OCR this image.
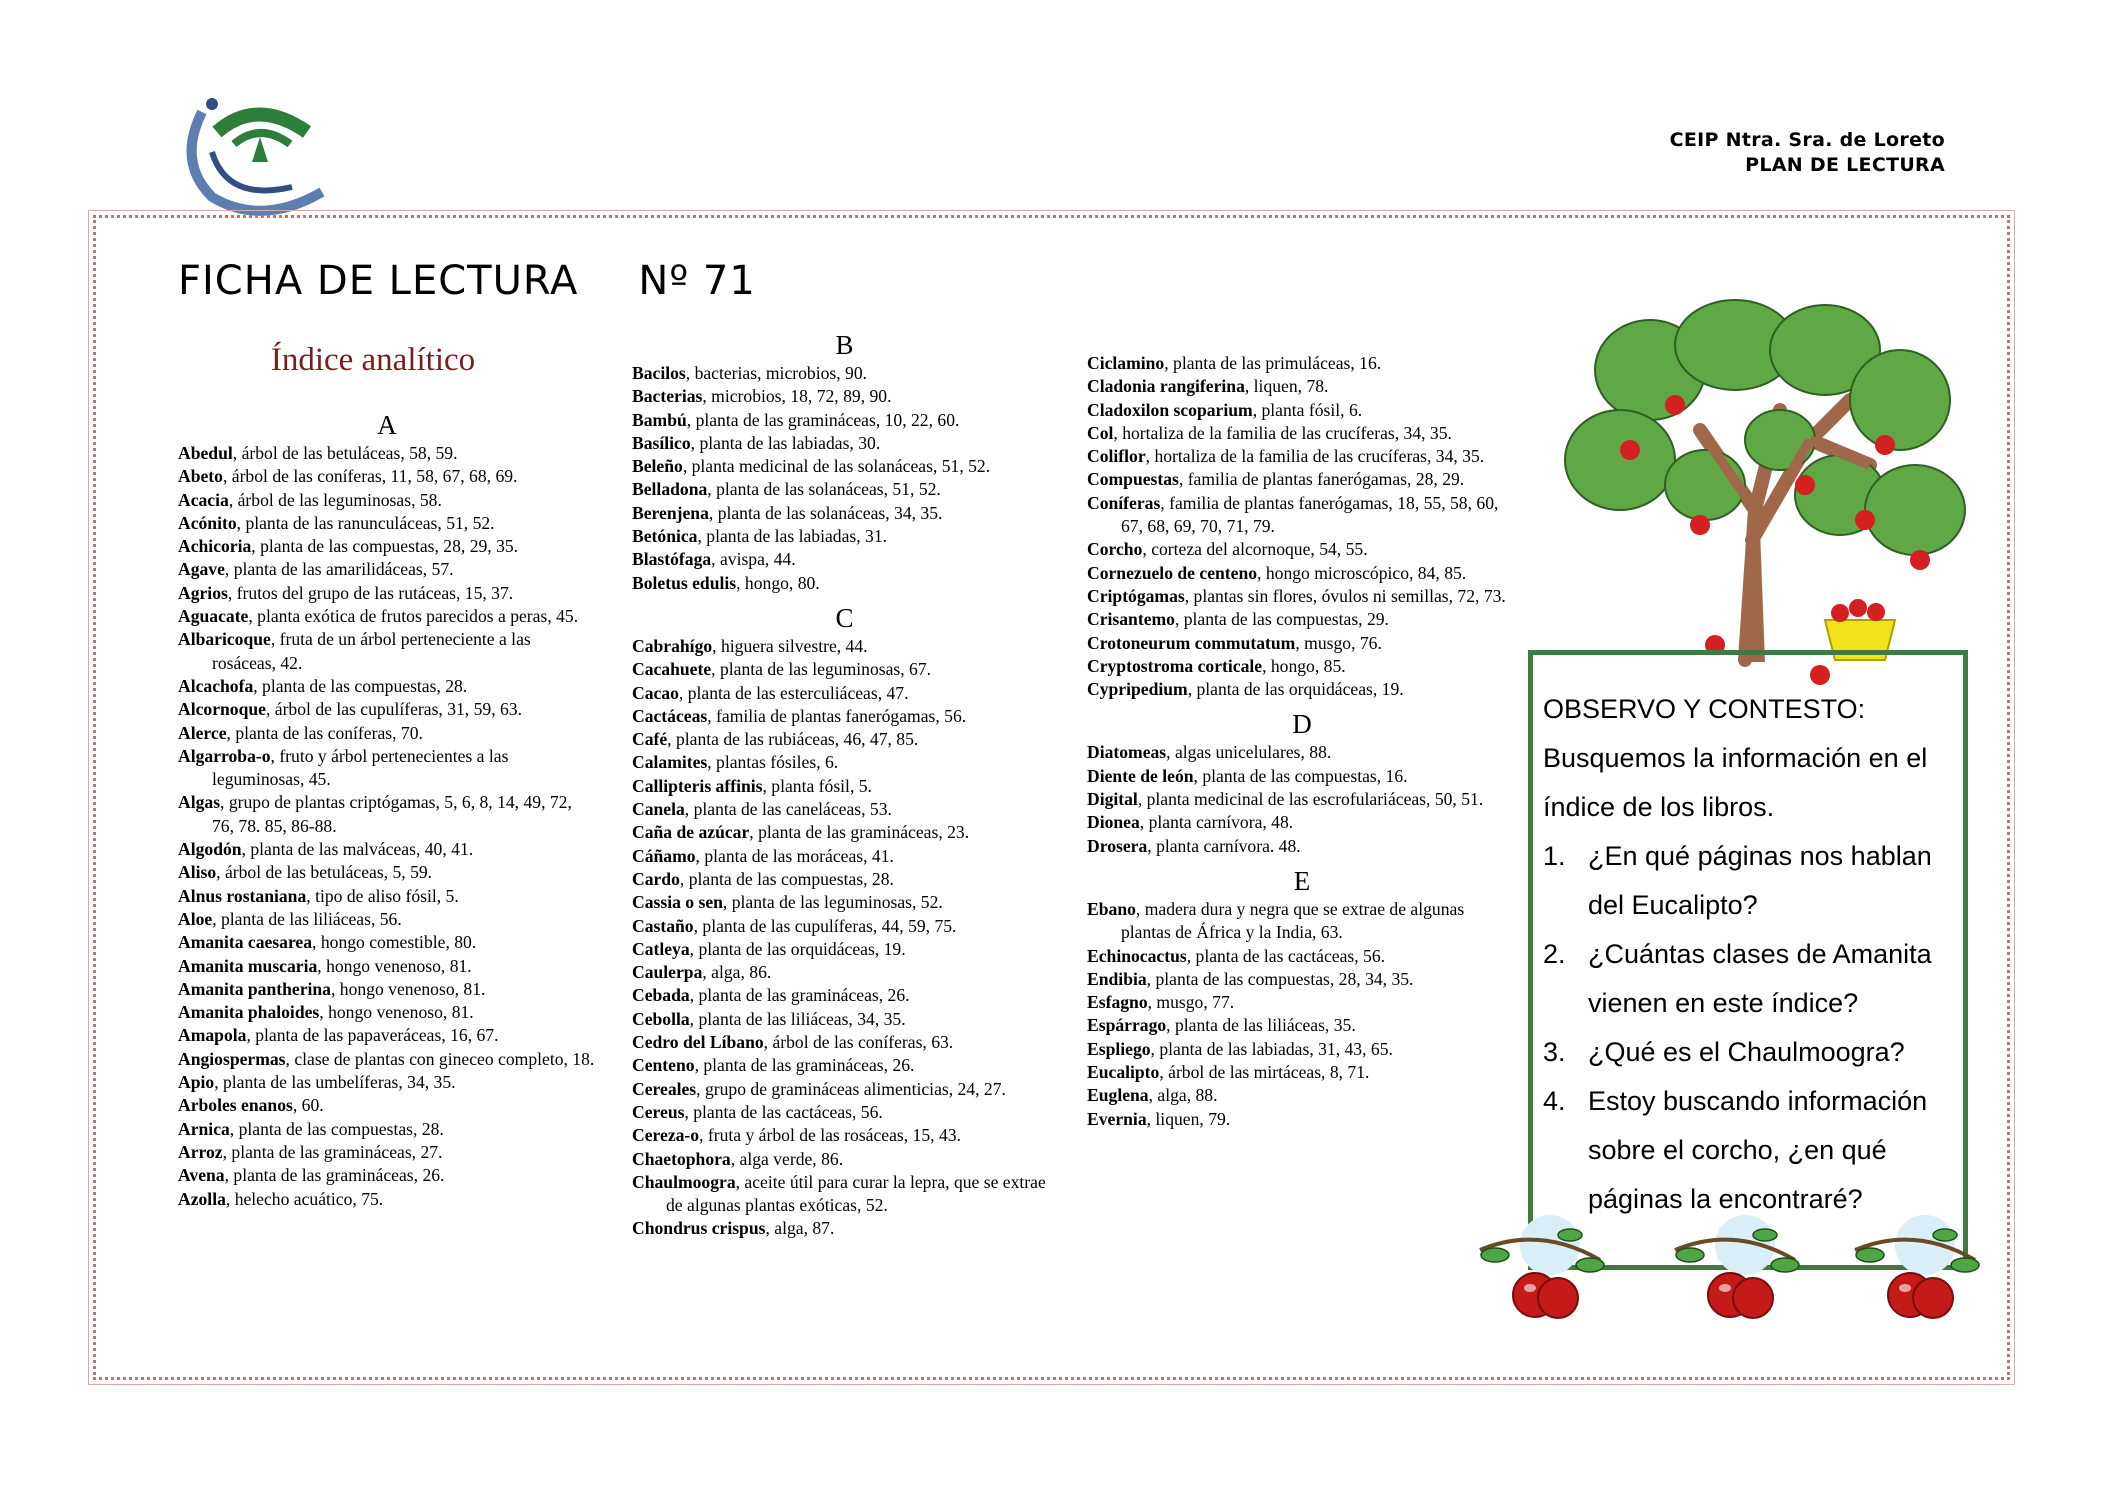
CEIP Ntra. Sra. de Loreto
PLAN DE LECTURA
FICHA DE LECTURA Nº 71
Índice analítico
A

Abedul, árbol de las betuláceas, 58, 59.

Abeto, árbol de las coníferas, 11, 58, 67, 68, 69.

Acacia, árbol de las leguminosas, 58.

Acónito, planta de las ranunculáceas, 51, 52.

Achicoria, planta de las compuestas, 28, 29, 35.

Agave, planta de las amarilidáceas, 57.

Agrios, frutos del grupo de las rutáceas, 15, 37.

Aguacate, planta exótica de frutos parecidos a peras, 45.

Albaricoque, fruta de un árbol perteneciente a las rosáceas, 42.

Alcachofa, planta de las compuestas, 28.

Alcornoque, árbol de las cupulíferas, 31, 59, 63.

Alerce, planta de las coníferas, 70.

Algarroba-o, fruto y árbol pertenecientes a las leguminosas, 45.

Algas, grupo de plantas criptógamas, 5, 6, 8, 14, 49, 72, 76, 78. 85, 86-88.

Algodón, planta de las malváceas, 40, 41.

Aliso, árbol de las betuláceas, 5, 59.

Alnus rostaniana, tipo de aliso fósil, 5.

Aloe, planta de las liliáceas, 56.

Amanita caesarea, hongo comestible, 80.

Amanita muscaria, hongo venenoso, 81.

Amanita pantherina, hongo venenoso, 81.

Amanita phaloides, hongo venenoso, 81.

Amapola, planta de las papaveráceas, 16, 67.

Angiospermas, clase de plantas con gineceo completo, 18.

Apio, planta de las umbelíferas, 34, 35.

Arboles enanos, 60.

Arnica, planta de las compuestas, 28.

Arroz, planta de las gramináceas, 27.

Avena, planta de las gramináceas, 26.

Azolla, helecho acuático, 75.

B

Bacilos, bacterias, microbios, 90.

Bacterias, microbios, 18, 72, 89, 90.

Bambú, planta de las gramináceas, 10, 22, 60.

Basílico, planta de las labiadas, 30.

Beleño, planta medicinal de las solanáceas, 51, 52.

Belladona, planta de las solanáceas, 51, 52.

Berenjena, planta de las solanáceas, 34, 35.

Betónica, planta de las labiadas, 31.

Blastófaga, avispa, 44.

Boletus edulis, hongo, 80.

C

Cabrahígo, higuera silvestre, 44.

Cacahuete, planta de las leguminosas, 67.

Cacao, planta de las esterculiáceas, 47.

Cactáceas, familia de plantas fanerógamas, 56.

Café, planta de las rubiáceas, 46, 47, 85.

Calamites, plantas fósiles, 6.

Callipteris affinis, planta fósil, 5.

Canela, planta de las caneláceas, 53.

Caña de azúcar, planta de las gramináceas, 23.

Cáñamo, planta de las moráceas, 41.

Cardo, planta de las compuestas, 28.

Cassia o sen, planta de las leguminosas, 52.

Castaño, planta de las cupulíferas, 44, 59, 75.

Catleya, planta de las orquidáceas, 19.

Caulerpa, alga, 86.

Cebada, planta de las gramináceas, 26.

Cebolla, planta de las liliáceas, 34, 35.

Cedro del Líbano, árbol de las coníferas, 63.

Centeno, planta de las gramináceas, 26.

Cereales, grupo de gramináceas alimenticias, 24, 27.

Cereus, planta de las cactáceas, 56.

Cereza-o, fruta y árbol de las rosáceas, 15, 43.

Chaetophora, alga verde, 86.

Chaulmoogra, aceite útil para curar la lepra, que se extrae de algunas plantas exóticas, 52.

Chondrus crispus, alga, 87.

Ciclamino, planta de las primuláceas, 16.

Cladonia rangiferina, liquen, 78.

Cladoxilon scoparium, planta fósil, 6.

Col, hortaliza de la familia de las crucíferas, 34, 35.

Coliflor, hortaliza de la familia de las crucíferas, 34, 35.

Compuestas, familia de plantas fanerógamas, 28, 29.

Coníferas, familia de plantas fanerógamas, 18, 55, 58, 60, 67, 68, 69, 70, 71, 79.

Corcho, corteza del alcornoque, 54, 55.

Cornezuelo de centeno, hongo microscópico, 84, 85.

Criptógamas, plantas sin flores, óvulos ni semillas, 72, 73.

Crisantemo, planta de las compuestas, 29.

Crotoneurum commutatum, musgo, 76.

Cryptostroma corticale, hongo, 85.

Cypripedium, planta de las orquidáceas, 19.

D

Diatomeas, algas unicelulares, 88.

Diente de león, planta de las compuestas, 16.

Digital, planta medicinal de las escrofulariáceas, 50, 51.

Dionea, planta carnívora, 48.

Drosera, planta carnívora. 48.

E

Ebano, madera dura y negra que se extrae de algunas plantas de África y la India, 63.

Echinocactus, planta de las cactáceas, 56.

Endibia, planta de las compuestas, 28, 34, 35.

Esfagno, musgo, 77.

Espárrago, planta de las liliáceas, 35.

Espliego, planta de las labiadas, 31, 43, 65.

Eucalipto, árbol de las mirtáceas, 8, 71.

Euglena, alga, 88.

Evernia, liquen, 79.

OBSERVO Y CONTESTO:
Busquemos la información en el
índice de los libros.
1. ¿En qué páginas nos hablan
del Eucalipto?
2. ¿Cuántas clases de Amanita
vienen en este índice?
3. ¿Qué es el Chaulmoogra?
4. Estoy buscando información
sobre el corcho, ¿en qué
páginas la encontraré?
